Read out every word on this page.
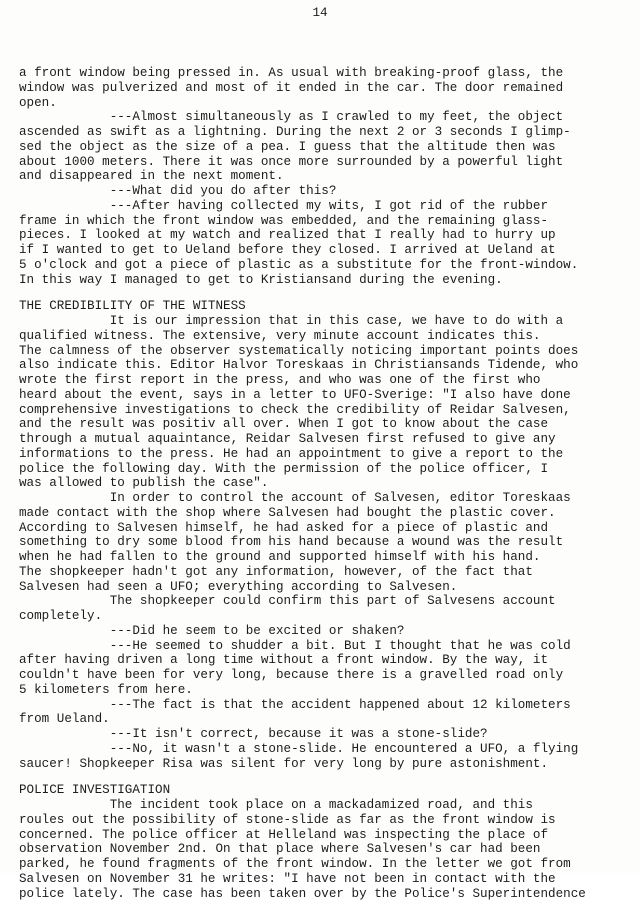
14
a front window being pressed in. As usual with breaking-proof glass, the
window was pulverized and most of it ended in the car. The door remained
open.
---Almost simultaneously as I crawled to my feet, the object
ascended as swift as a lightning. During the next 2 or 3 seconds I glimp-
sed the object as the size of a pea. I guess that the altitude then was
about 1000 meters. There it was once more surrounded by a powerful light
and disappeared in the next moment.
---What did you do after this?
---After having collected my wits, I got rid of the rubber
frame in which the front window was embedded, and the remaining glass-
pieces. I looked at my watch and realized that I really had to hurry up
if I wanted to get to Ueland before they closed. I arrived at Ueland at
5 o'clock and got a piece of plastic as a substitute for the front-window.
In this way I managed to get to Kristiansand during the evening.
THE CREDIBILITY OF THE WITNESS
It is our impression that in this case, we have to do with a
qualified witness. The extensive, very minute account indicates this.
The calmness of the observer systematically noticing important points does
also indicate this. Editor Halvor Toreskaas in Christiansands Tidende, who
wrote the first report in the press, and who was one of the first who
heard about the event, says in a letter to UFO-Sverige: "I also have done
comprehensive investigations to check the credibility of Reidar Salvesen,
and the result was positiv all over. When I got to know about the case
through a mutual aquaintance, Reidar Salvesen first refused to give any
informations to the press. He had an appointment to give a report to the
police the following day. With the permission of the police officer, I
was allowed to publish the case".
In order to control the account of Salvesen, editor Toreskaas
made contact with the shop where Salvesen had bought the plastic cover.
According to Salvesen himself, he had asked for a piece of plastic and
something to dry some blood from his hand because a wound was the result
when he had fallen to the ground and supported himself with his hand.
The shopkeeper hadn't got any information, however, of the fact that
Salvesen had seen a UFO; everything according to Salvesen.
The shopkeeper could confirm this part of Salvesens account
completely.
---Did he seem to be excited or shaken?
---He seemed to shudder a bit. But I thought that he was cold
after having driven a long time without a front window. By the way, it
couldn't have been for very long, because there is a gravelled road only
5 kilometers from here.
---The fact is that the accident happened about 12 kilometers
from Ueland.
---It isn't correct, because it was a stone-slide?
---No, it wasn't a stone-slide. He encountered a UFO, a flying
saucer! Shopkeeper Risa was silent for very long by pure astonishment.
POLICE INVESTIGATION
The incident took place on a mackadamized road, and this
roules out the possibility of stone-slide as far as the front window is
concerned. The police officer at Helleland was inspecting the place of
observation November 2nd. On that place where Salvesen's car had been
parked, he found fragments of the front window. In the letter we got from
Salvesen on November 31 he writes: "I have not been in contact with the
police lately. The case has been taken over by the Police's Superintendence
